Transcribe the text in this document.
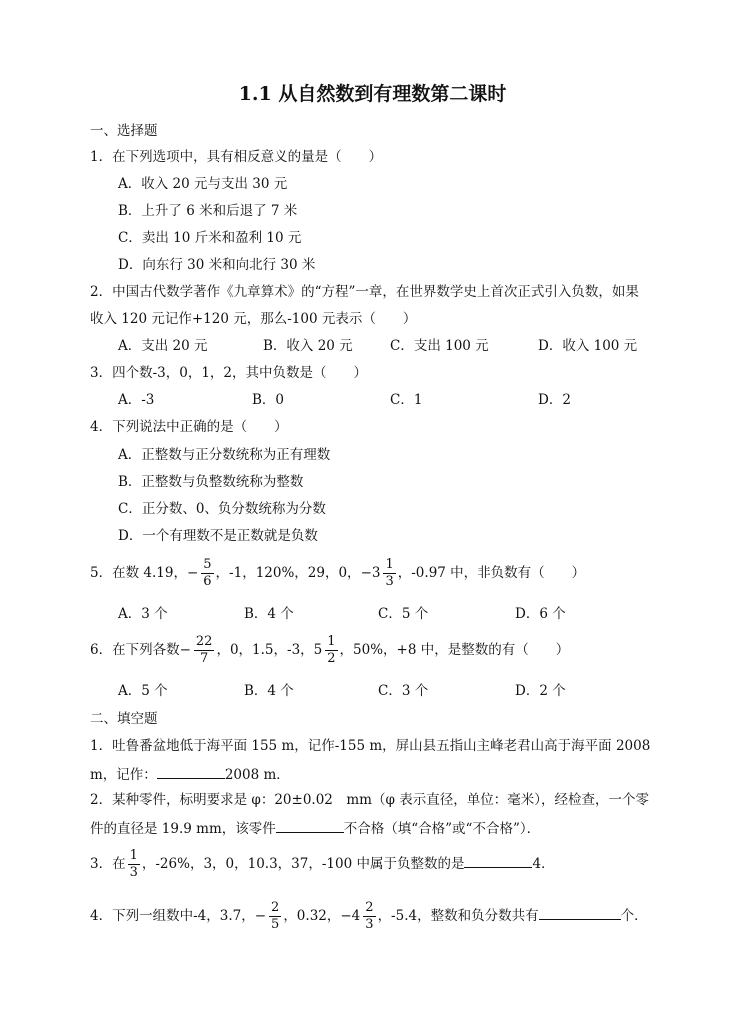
1.1 从自然数到有理数第二课时
一、选择题
1．在下列选项中，具有相反意义的量是（　　）
A．收入 20 元与支出 30 元
B．上升了 6 米和后退了 7 米
C．卖出 10 斤米和盈利 10 元
D．向东行 30 米和向北行 30 米
2．中国古代数学著作《九章算术》的“方程”一章，在世界数学史上首次正式引入负数，如果
收入 120 元记作+120 元，那么-100 元表示（　　）
A．支出 20 元	B．收入 20 元	C．支出 100 元	D．收入 100 元
3．四个数-3，0，1，2，其中负数是（　　）
A．-3	B．0	C．1	D．2
4．下列说法中正确的是（　　）
A．正整数与正分数统称为正有理数
B．正整数与负整数统称为整数
C．正分数、0、负分数统称为分数
D．一个有理数不是正数就是负数
5．在数 4.19，− $\frac{5}{6}$ ，-1，120%，29，0，$-3 \frac{1}{3}$ ，-0.97 中，非负数有（　　）
A．3 个	B．4 个	C．5 个	D．6 个
6．在下列各数− $\frac{22}{7}$ ，0，1.5，-3，$5 \frac{1}{2}$ ，50%，+8 中，是整数的有（　　）
A．5 个	B．4 个	C．3 个	D．2 个
二、填空题
1．吐鲁番盆地低于海平面 155 m，记作-155 m，屏山县五指山主峰老君山高于海平面 2008
m，记作：	2008 m．
2．某种零件，标明要求是 φ：20±0.02　mm（φ 表示直径，单位：毫米），经检查，一个零
件的直径是 19.9 mm，该零件	不合格（填“合格”或“不合格”）．
3．在 $\frac{1}{3}$ ，-26%，3，0，10.3，37，-100 中属于负整数的是	4．
4．下列一组数中-4，3.7，− $\frac{2}{5}$ ，0.32，$-4 \frac{2}{3}$ ，-5.4，整数和负分数共有	个．
